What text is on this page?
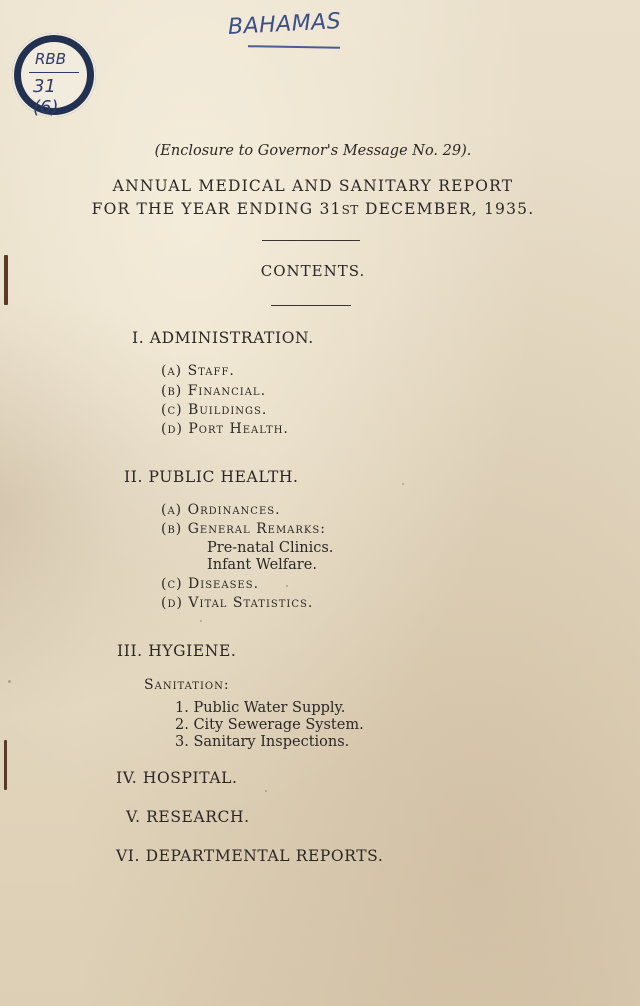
BAHAMAS
RBB
31 (6)
(Enclosure to Governor's Message No. 29).
ANNUAL MEDICAL AND SANITARY REPORT
FOR THE YEAR ENDING 31ST DECEMBER, 1935.
CONTENTS.
I. ADMINISTRATION.
(a) Staff.
(b) Financial.
(c) Buildings.
(d) Port Health.
II. PUBLIC HEALTH.
(a) Ordinances.
(b) General Remarks:
Pre-natal Clinics.
Infant Welfare.
(c) Diseases.
(d) Vital Statistics.
III. HYGIENE.
Sanitation:
1. Public Water Supply.
2. City Sewerage System.
3. Sanitary Inspections.
IV. HOSPITAL.
V. RESEARCH.
VI. DEPARTMENTAL REPORTS.
